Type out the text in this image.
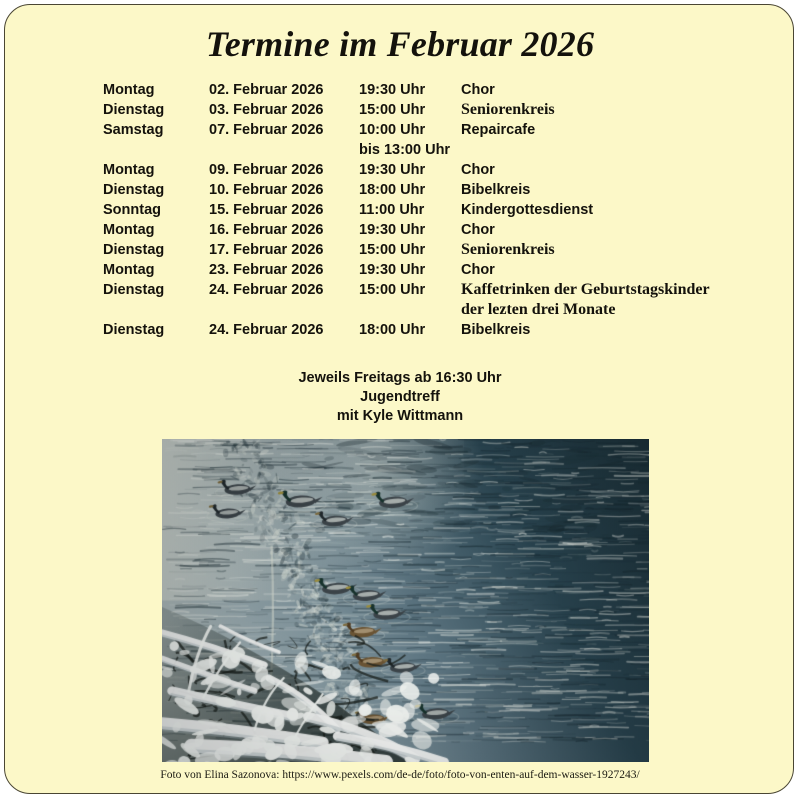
Termine im Februar 2026
Montag	02. Februar 2026	19:30 Uhr	Chor
Dienstag	03. Februar 2026	15:00 Uhr	Seniorenkreis
Samstag	07. Februar 2026	10:00 Uhr	Repaircafe

bis 13:00 Uhr

Montag	09. Februar 2026	19:30 Uhr	Chor
Dienstag	10. Februar 2026	18:00 Uhr	Bibelkreis
Sonntag	15. Februar 2026	11:00 Uhr	Kindergottesdienst
Montag	16. Februar 2026	19:30 Uhr	Chor
Dienstag	17. Februar 2026	15:00 Uhr	Seniorenkreis
Montag	23. Februar 2026	19:30 Uhr	Chor
Dienstag	24. Februar 2026	15:00 Uhr	Kaffetrinken der Geburtstagskinder

der lezten drei Monate
Dienstag	24. Februar 2026	18:00 Uhr	Bibelkreis
Jeweils Freitags ab 16:30 Uhr
Jugendtreff
mit Kyle Wittmann
Foto von Elina Sazonova: https://www.pexels.com/de-de/foto/foto-von-enten-auf-dem-wasser-1927243/
